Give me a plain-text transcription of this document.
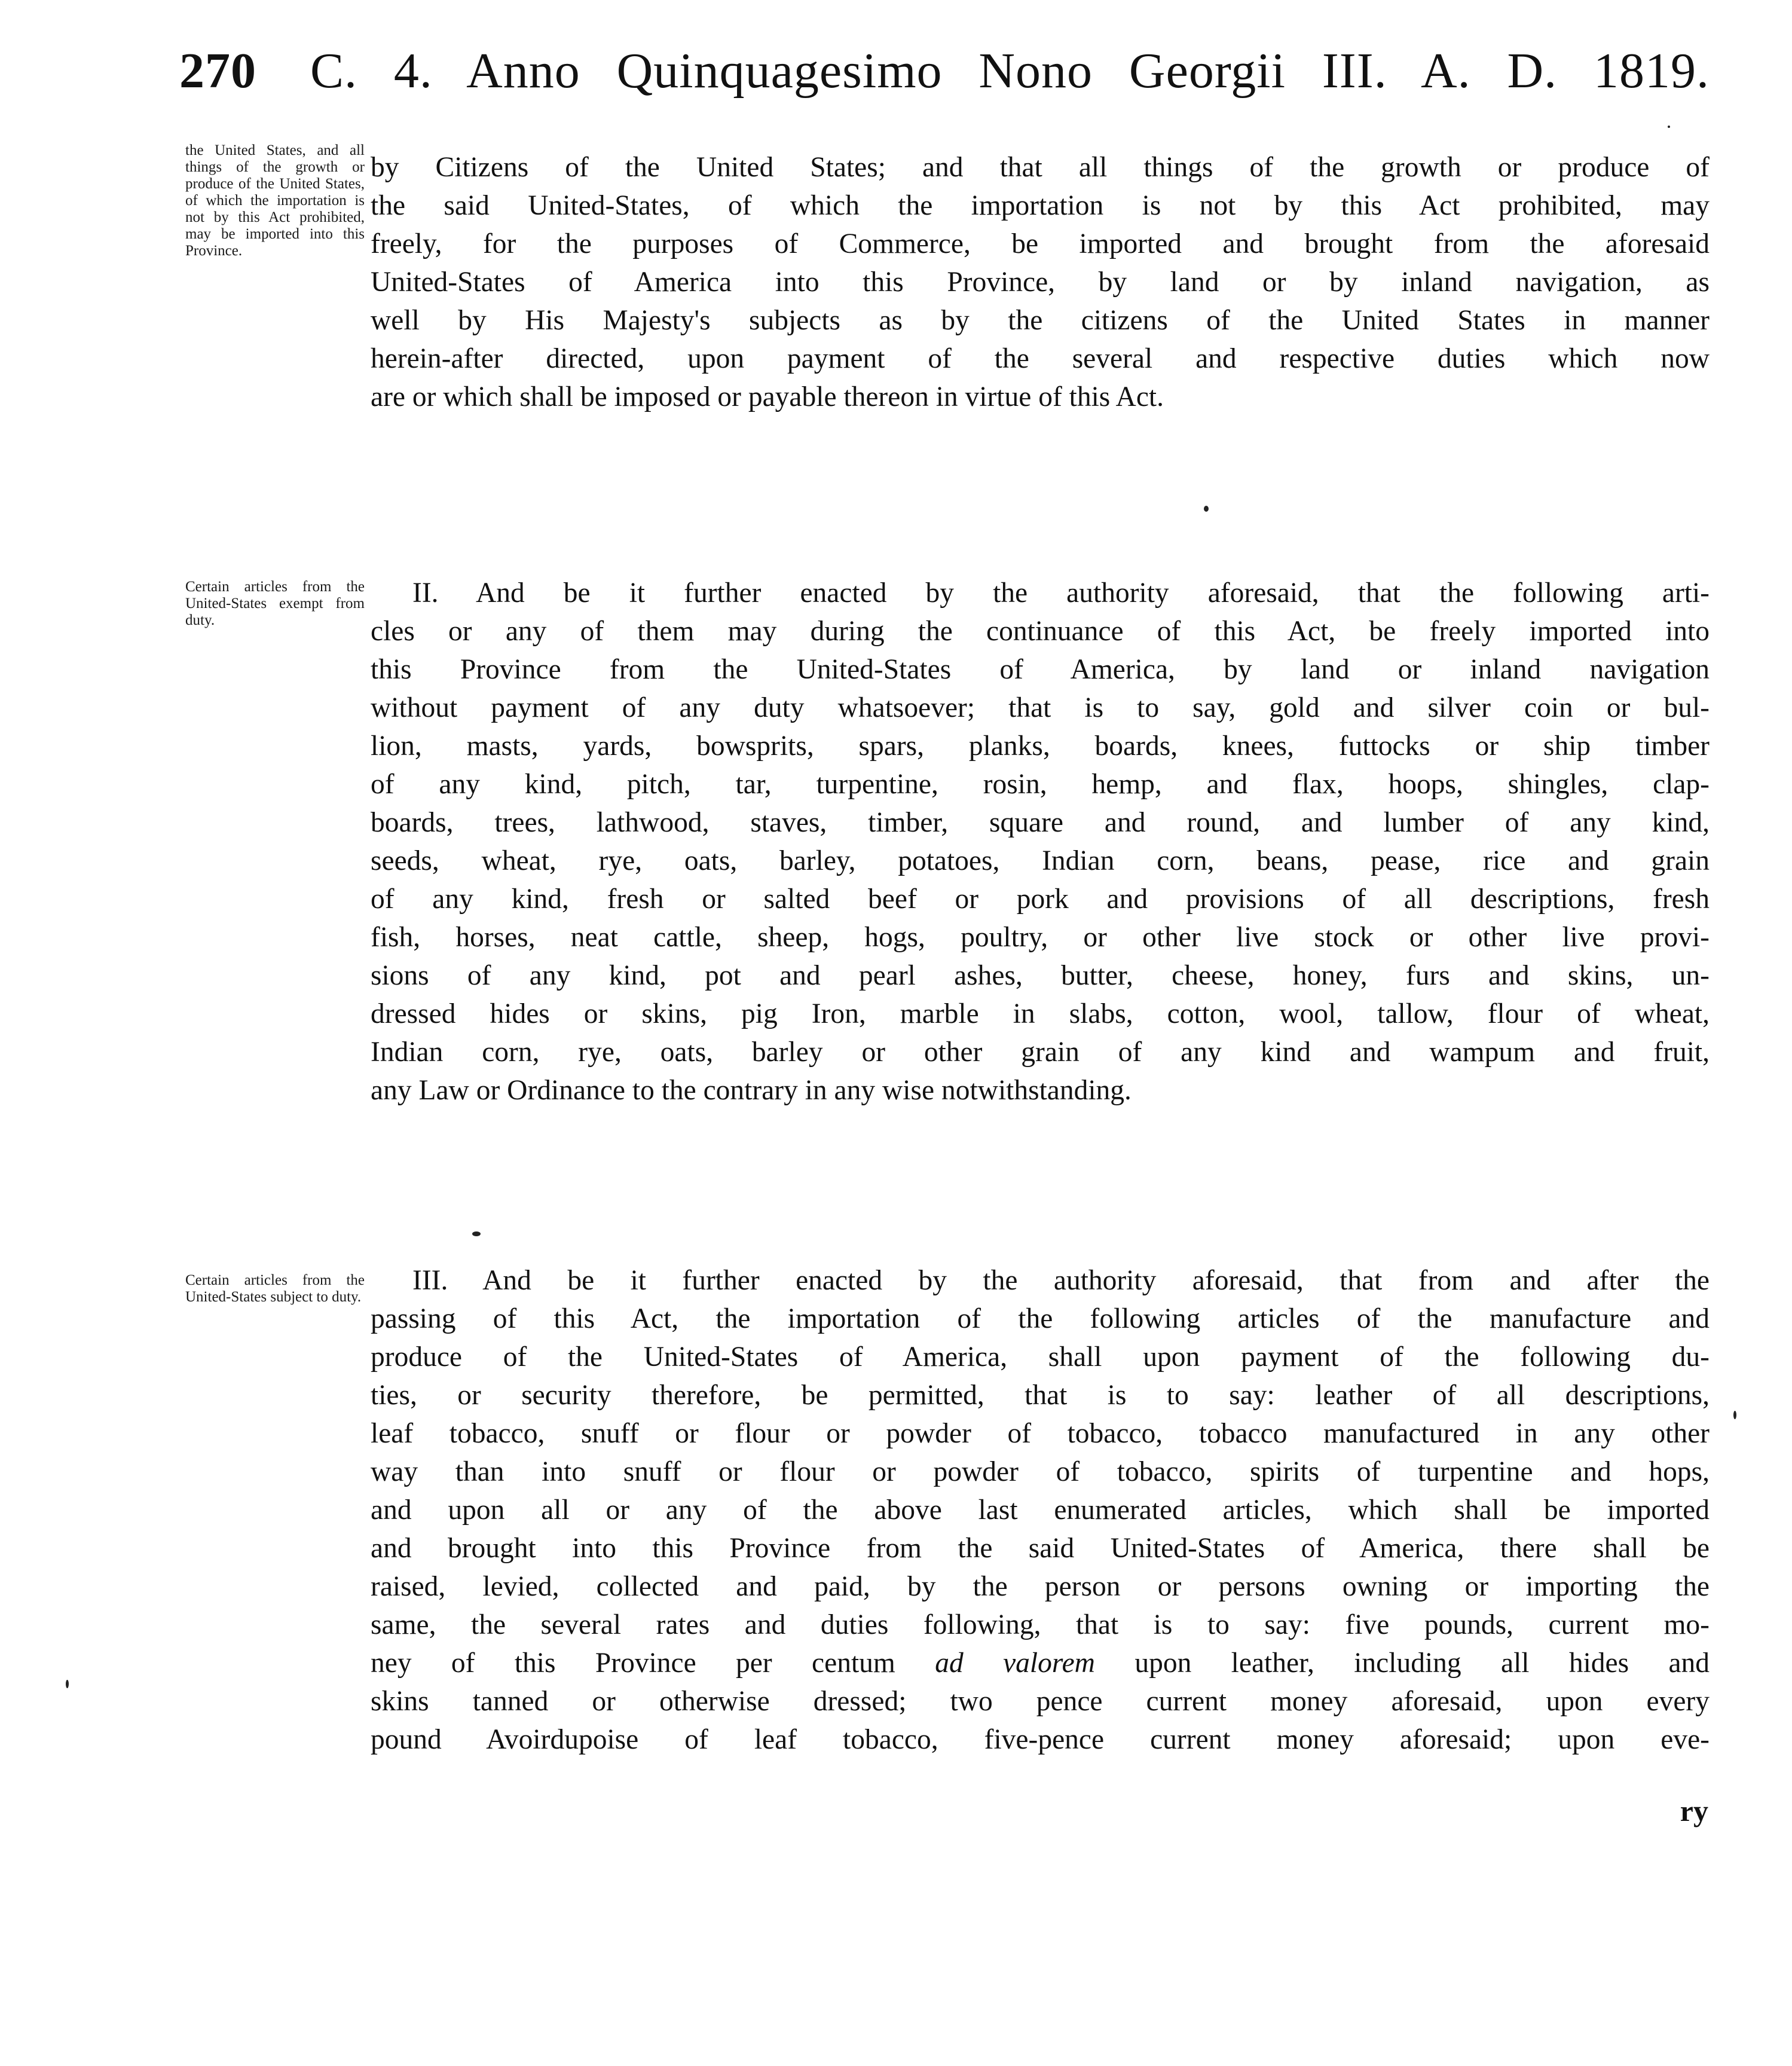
270 C. 4. Anno Quinquagesimo Nono Georgii III. A. D. 1819.
the United States, and all things of the growth or produce of the United States, of which the importation is not by this Act prohibited, may be imported into this Province.
by Citizens of the United States; and that all things of the growth or produce of
the said United-States, of which the importation is not by this Act prohibited, may
freely, for the purposes of Commerce, be imported and brought from the aforesaid
United-States of America into this Province, by land or by inland navigation, as
well by His Majesty's subjects as by the citizens of the United States in manner
herein-after directed, upon payment of the several and respective duties which now
are or which shall be imposed or payable thereon in virtue of this Act.
Certain articles from the United-States exempt from duty.
II. And be it further enacted by the authority aforesaid, that the following arti-
cles or any of them may during the continuance of this Act, be freely imported into
this Province from the United-States of America, by land or inland navigation
without payment of any duty whatsoever; that is to say, gold and silver coin or bul-
lion, masts, yards, bowsprits, spars, planks, boards, knees, futtocks or ship timber
of any kind, pitch, tar, turpentine, rosin, hemp, and flax, hoops, shingles, clap-
boards, trees, lathwood, staves, timber, square and round, and lumber of any kind,
seeds, wheat, rye, oats, barley, potatoes, Indian corn, beans, pease, rice and grain
of any kind, fresh or salted beef or pork and provisions of all descriptions, fresh
fish, horses, neat cattle, sheep, hogs, poultry, or other live stock or other live provi-
sions of any kind, pot and pearl ashes, butter, cheese, honey, furs and skins, un-
dressed hides or skins, pig Iron, marble in slabs, cotton, wool, tallow, flour of wheat,
Indian corn, rye, oats, barley or other grain of any kind and wampum and fruit,
any Law or Ordinance to the contrary in any wise notwithstanding.
Certain articles from the United-States subject to duty.
III. And be it further enacted by the authority aforesaid, that from and after the
passing of this Act, the importation of the following articles of the manufacture and
produce of the United-States of America, shall upon payment of the following du-
ties, or security therefore, be permitted, that is to say: leather of all descriptions,
leaf tobacco, snuff or flour or powder of tobacco, tobacco manufactured in any other
way than into snuff or flour or powder of tobacco, spirits of turpentine and hops,
and upon all or any of the above last enumerated articles, which shall be imported
and brought into this Province from the said United-States of America, there shall be
raised, levied, collected and paid, by the person or persons owning or importing the
same, the several rates and duties following, that is to say: five pounds, current mo-
ney of this Province per centum ad valorem upon leather, including all hides and
skins tanned or otherwise dressed; two pence current money aforesaid, upon every
pound Avoirdupoise of leaf tobacco, five-pence current money aforesaid; upon eve-
ry
